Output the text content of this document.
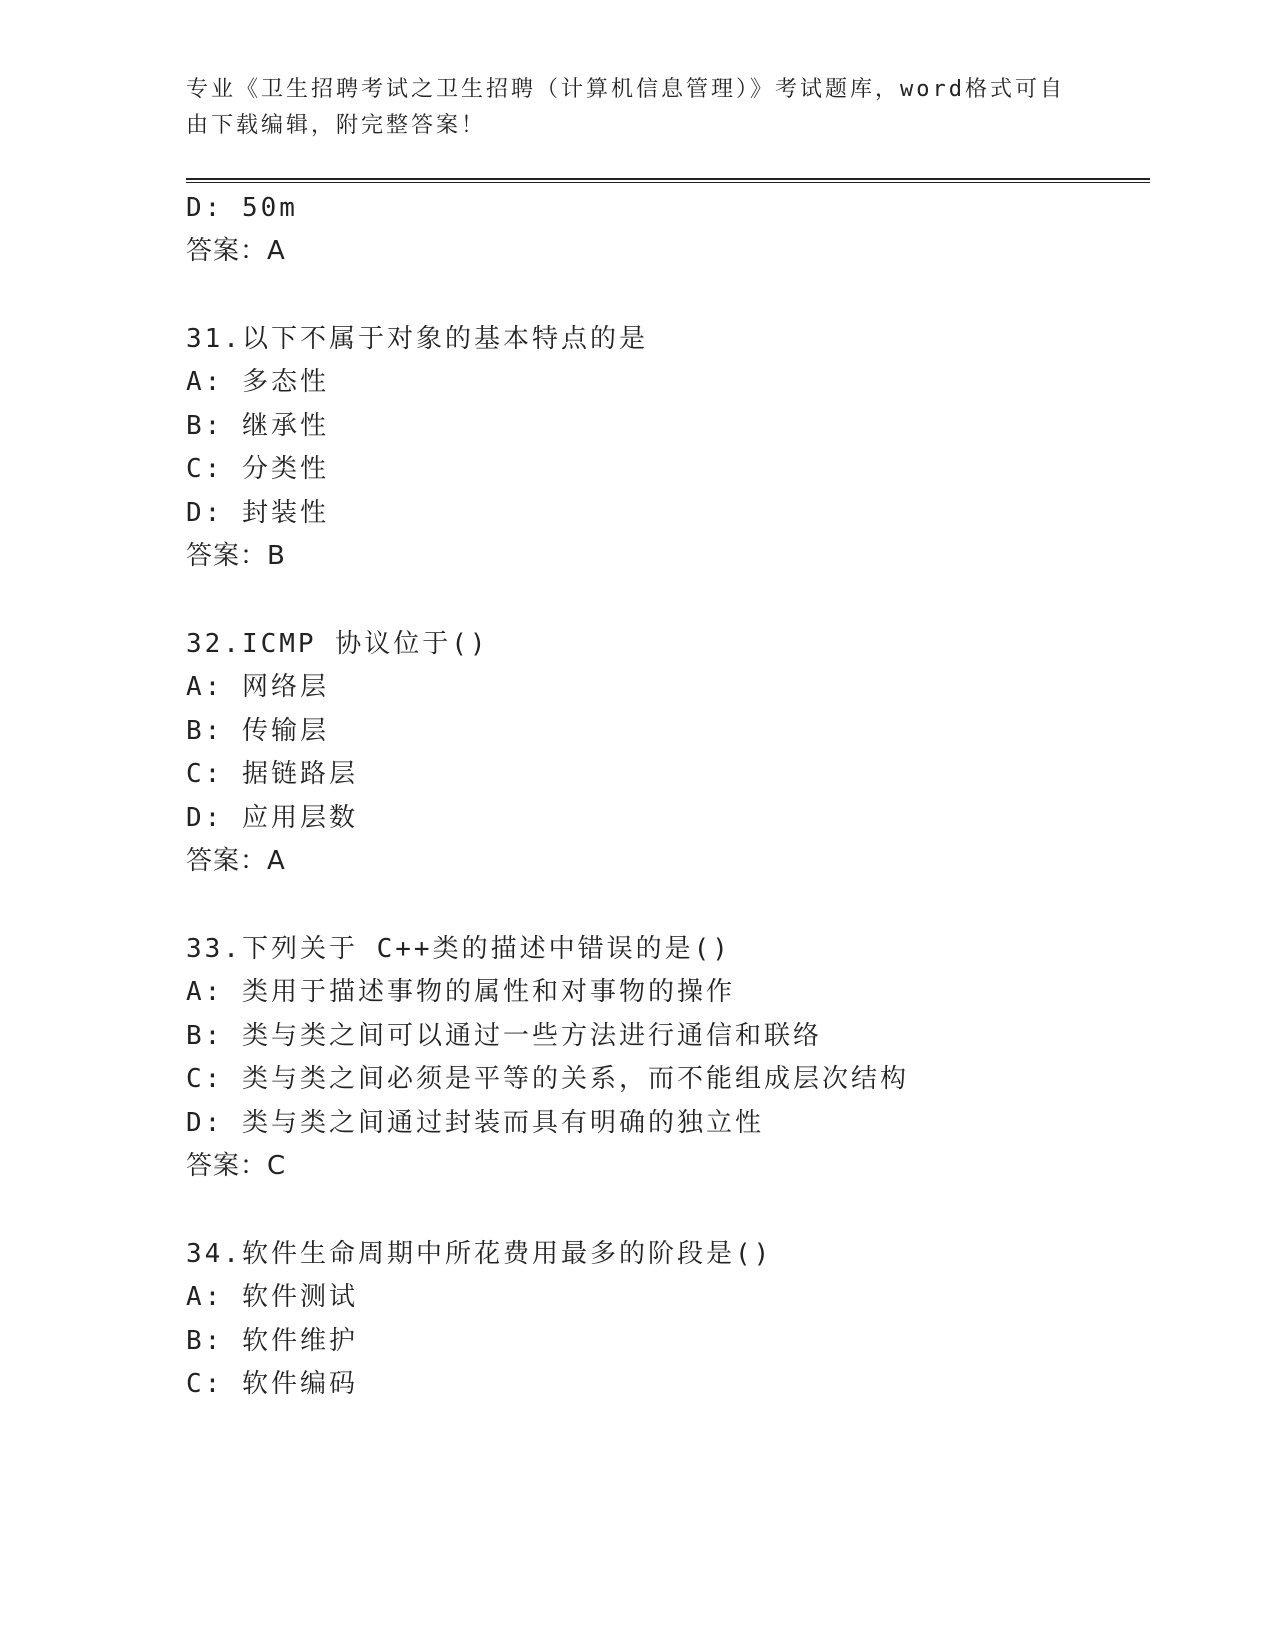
专业《卫生招聘考试之卫生招聘（计算机信息管理）》考试题库，word格式可自
由下载编辑，附完整答案！
D: 50m
答案：A
31.以下不属于对象的基本特点的是
A: 多态性
B: 继承性
C: 分类性
D: 封装性
答案：B
32.ICMP 协议位于()
A: 网络层
B: 传输层
C: 据链路层
D: 应用层数
答案：A
33.下列关于 C++类的描述中错误的是()
A: 类用于描述事物的属性和对事物的操作
B: 类与类之间可以通过一些方法进行通信和联络
C: 类与类之间必须是平等的关系，而不能组成层次结构
D: 类与类之间通过封装而具有明确的独立性
答案：C
34.软件生命周期中所花费用最多的阶段是()
A: 软件测试
B: 软件维护
C: 软件编码
